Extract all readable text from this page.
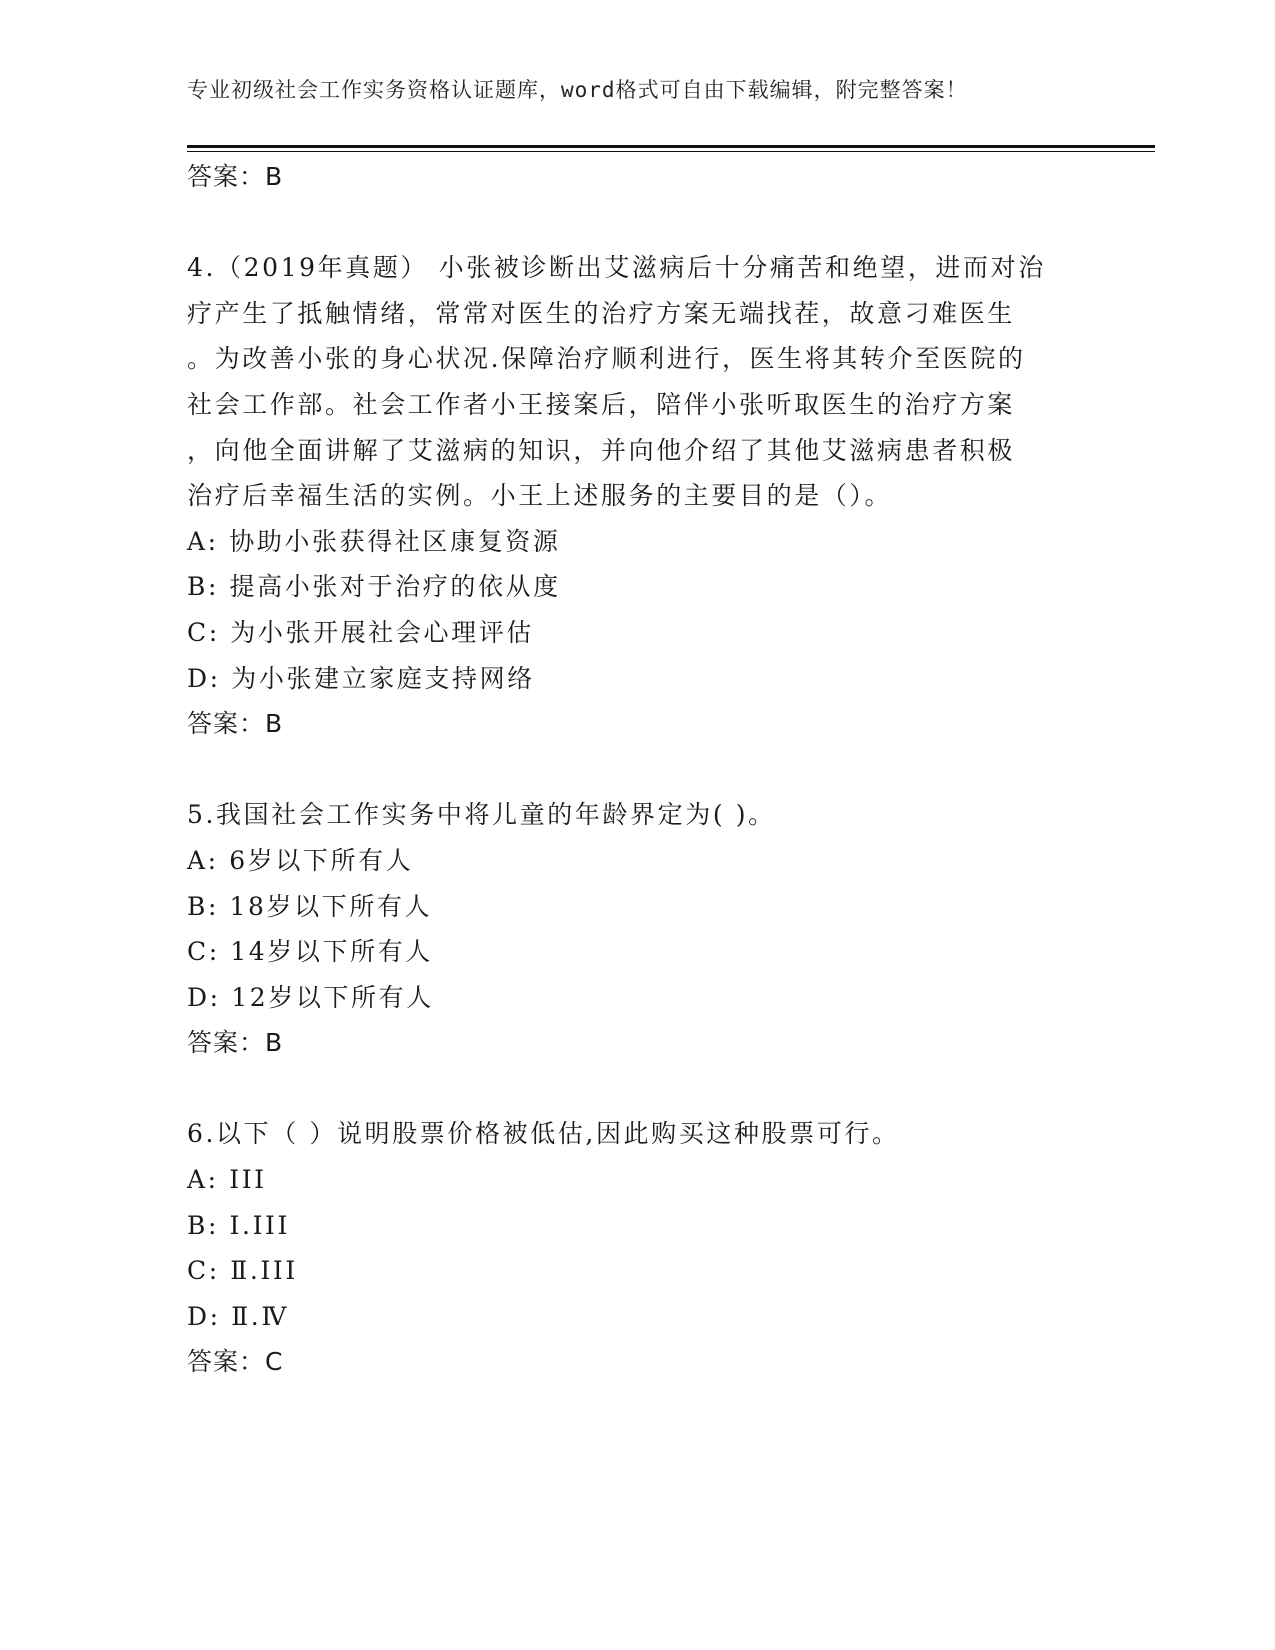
专业初级社会工作实务资格认证题库，word格式可自由下载编辑，附完整答案！
答案：B
4.（2019年真题） 小张被诊断出艾滋病后十分痛苦和绝望，进而对治
疗产生了抵触情绪，常常对医生的治疗方案无端找茬，故意刁难医生
。为改善小张的身心状况.保障治疗顺利进行，医生将其转介至医院的
社会工作部。社会工作者小王接案后，陪伴小张听取医生的治疗方案
，向他全面讲解了艾滋病的知识，并向他介绍了其他艾滋病患者积极
治疗后幸福生活的实例。小王上述服务的主要目的是（）。
A: 协助小张获得社区康复资源
B: 提高小张对于治疗的依从度
C: 为小张开展社会心理评估
D: 为小张建立家庭支持网络
答案：B
5.我国社会工作实务中将儿童的年龄界定为( )。
A: 6岁以下所有人
B: 18岁以下所有人
C: 14岁以下所有人
D: 12岁以下所有人
答案：B
6.以下（ ）说明股票价格被低估,因此购买这种股票可行。
A: III
B: Ⅰ.III
C: Ⅱ.III
D: Ⅱ.Ⅳ
答案：C
